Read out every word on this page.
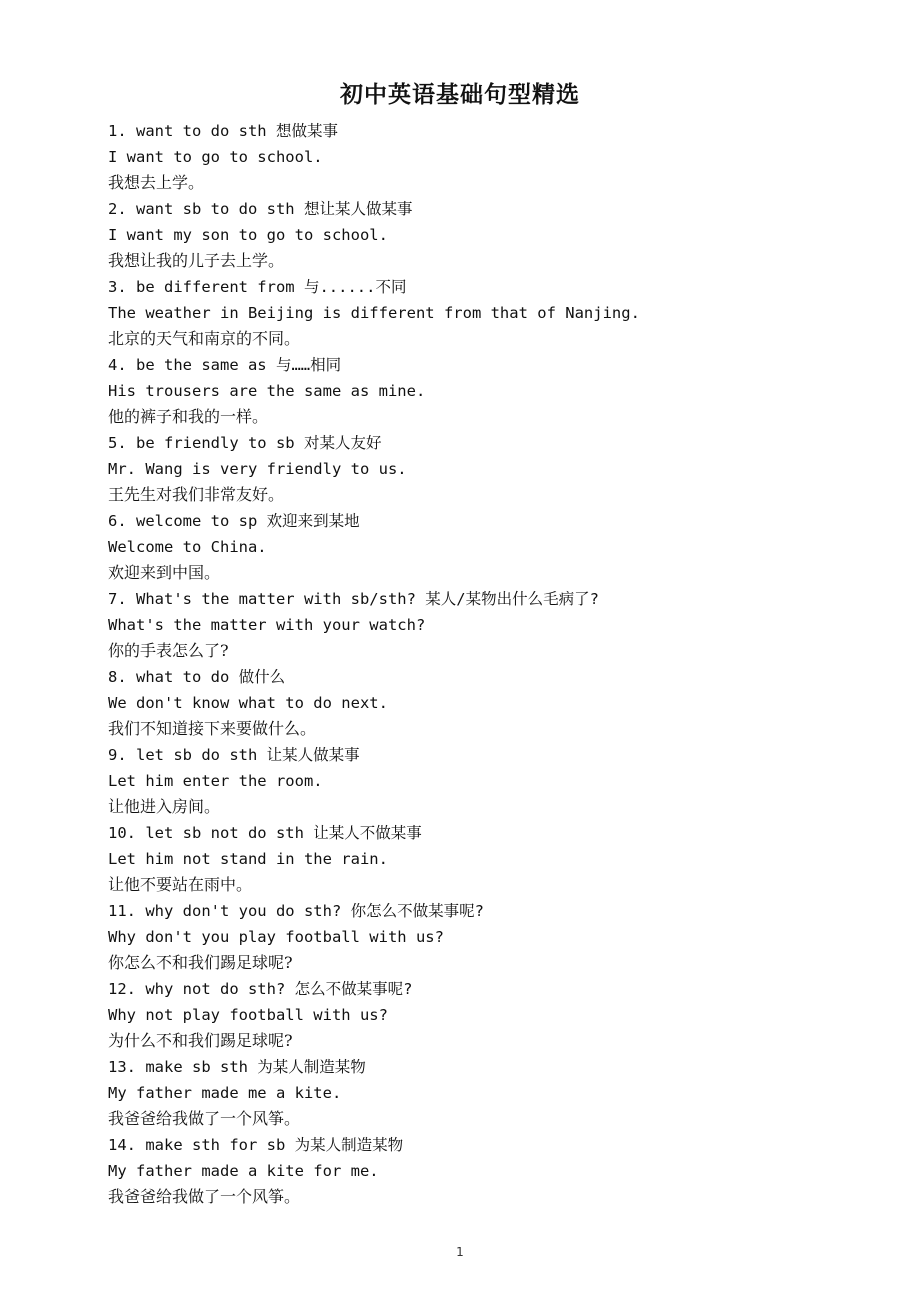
初中英语基础句型精选
1. want to do sth 想做某事
I want to go to school.
我想去上学。
2. want sb to do sth 想让某人做某事
I want my son to go to school.
我想让我的儿子去上学。
3. be different from 与......不同
The weather in Beijing is different from that of Nanjing.
北京的天气和南京的不同。
4. be the same as 与……相同
His trousers are the same as mine.
他的裤子和我的一样。
5. be friendly to sb 对某人友好
Mr. Wang is very friendly to us.
王先生对我们非常友好。
6. welcome to sp 欢迎来到某地
Welcome to China.
欢迎来到中国。
7. What's the matter with sb/sth? 某人/某物出什么毛病了?
What's the matter with your watch?
你的手表怎么了?
8. what to do 做什么
We don't know what to do next.
我们不知道接下来要做什么。
9. let sb do sth 让某人做某事
Let him enter the room.
让他进入房间。
10. let sb not do sth 让某人不做某事
Let him not stand in the rain.
让他不要站在雨中。
11. why don't you do sth? 你怎么不做某事呢?
Why don't you play football with us?
你怎么不和我们踢足球呢?
12. why not do sth? 怎么不做某事呢?
Why not play football with us?
为什么不和我们踢足球呢?
13. make sb sth 为某人制造某物
My father made me a kite.
我爸爸给我做了一个风筝。
14. make sth for sb 为某人制造某物
My father made a kite for me.
我爸爸给我做了一个风筝。
1
